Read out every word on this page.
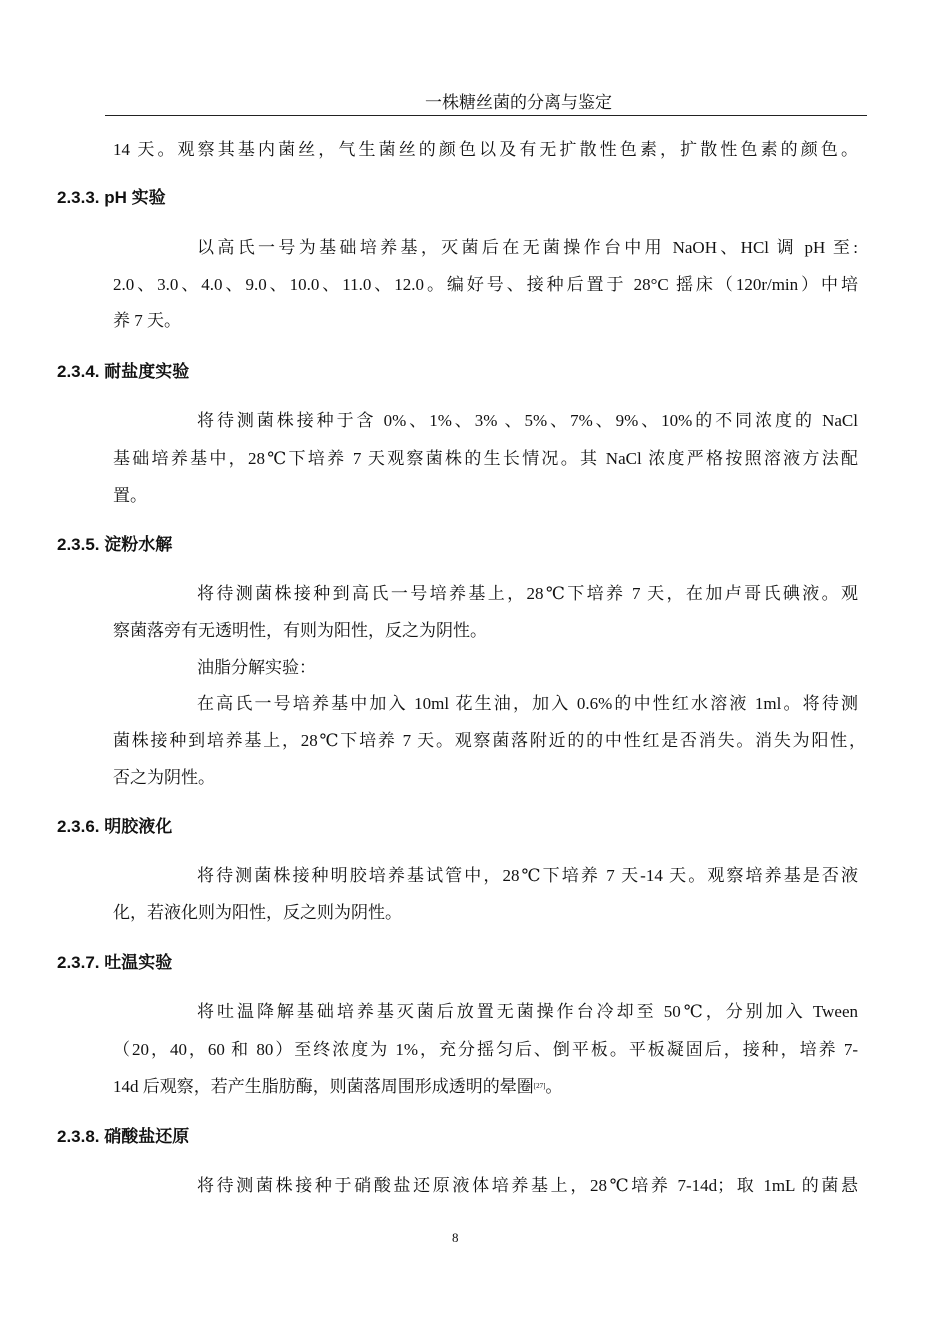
一株糖丝菌的分离与鉴定
14 天。观察其基内菌丝，气生菌丝的颜色以及有无扩散性色素，扩散性色素的颜色。
2.3.3. pH 实验
以高氏一号为基础培养基，灭菌后在无菌操作台中用 NaOH、HCl 调 pH 至:
2.0、3.0、4.0、9.0、10.0、11.0、12.0。编好号、接种后置于 28°C 摇床（120r/min）中培
养 7 天。
2.3.4. 耐盐度实验
将待测菌株接种于含 0%、1%、3% 、5%、7%、9%、10%的不同浓度的 NaCl
基础培养基中，28℃下培养 7 天观察菌株的生长情况。其 NaCl 浓度严格按照溶液方法配
置。
2.3.5. 淀粉水解
将待测菌株接种到高氏一号培养基上，28℃下培养 7 天，在加卢哥氏碘液。观
察菌落旁有无透明性，有则为阳性，反之为阴性。
油脂分解实验：
在高氏一号培养基中加入 10ml 花生油，加入 0.6%的中性红水溶液 1ml。将待测
菌株接种到培养基上，28℃下培养 7 天。观察菌落附近的的中性红是否消失。消失为阳性，
否之为阴性。
2.3.6. 明胶液化
将待测菌株接种明胶培养基试管中，28℃下培养 7 天-14 天。观察培养基是否液
化，若液化则为阳性，反之则为阴性。
2.3.7. 吐温实验
将吐温降解基础培养基灭菌后放置无菌操作台冷却至 50℃，分别加入 Tween
（20，40，60 和 80）至终浓度为 1%，充分摇匀后、倒平板。平板凝固后，接种，培养 7-
14d 后观察，若产生脂肪酶，则菌落周围形成透明的晕圈[27]。
2.3.8. 硝酸盐还原
将待测菌株接种于硝酸盐还原液体培养基上，28℃培养 7-14d；取 1mL 的菌悬
8
